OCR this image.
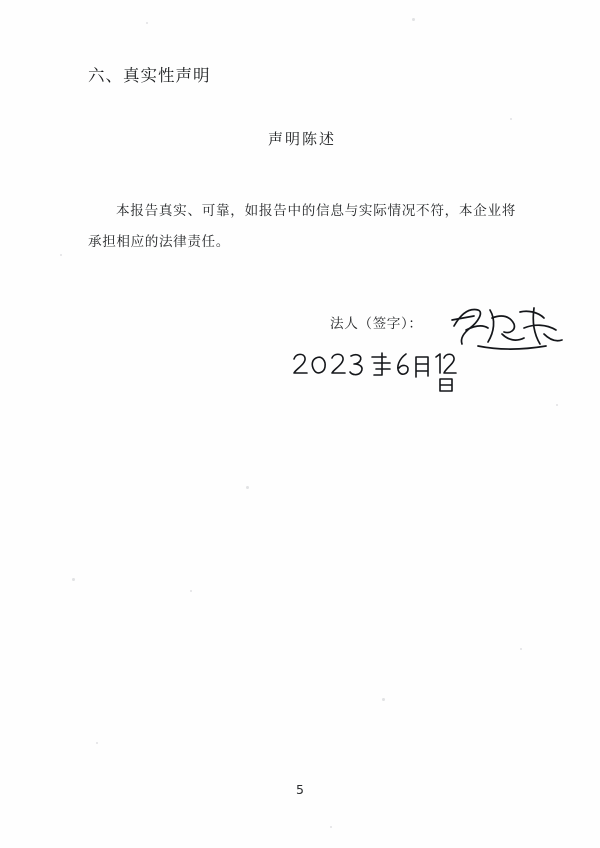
六、真实性声明
声明陈述
本报告真实、可靠，如报告中的信息与实际情况不符，本企业将承担相应的法律责任。
法人（签字）：
5
